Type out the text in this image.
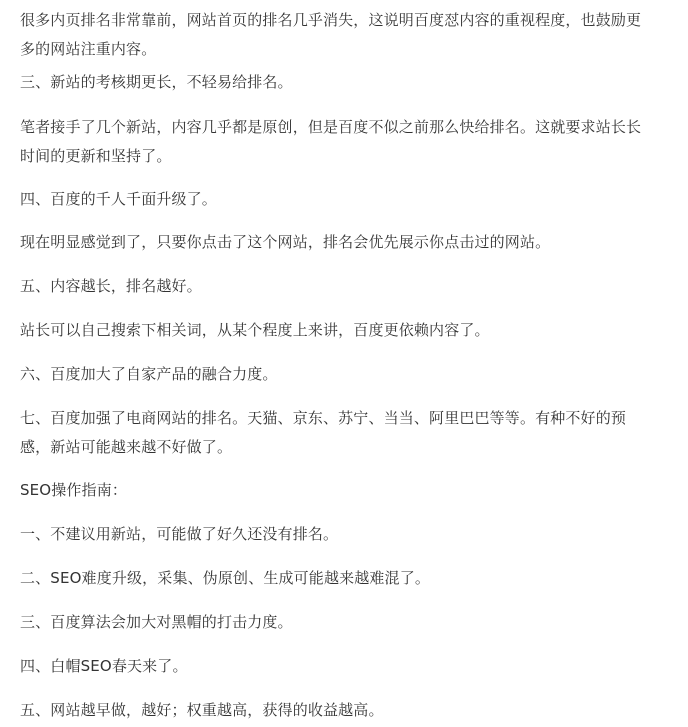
很多内页排名非常靠前，网站首页的排名几乎消失，这说明百度怼内容的重视程度，也鼓励更
多的网站注重内容。

三、新站的考核期更长，不轻易给排名。

笔者接手了几个新站，内容几乎都是原创，但是百度不似之前那么快给排名。这就要求站长长
时间的更新和坚持了。

四、百度的千人千面升级了。

现在明显感觉到了，只要你点击了这个网站，排名会优先展示你点击过的网站。

五、内容越长，排名越好。

站长可以自己搜索下相关词，从某个程度上来讲，百度更依赖内容了。

六、百度加大了自家产品的融合力度。

七、百度加强了电商网站的排名。天猫、京东、苏宁、当当、阿里巴巴等等。有种不好的预
感，新站可能越来越不好做了。

SEO操作指南：

一、不建议用新站，可能做了好久还没有排名。

二、SEO难度升级，采集、伪原创、生成可能越来越难混了。

三、百度算法会加大对黑帽的打击力度。

四、白帽SEO春天来了。

五、网站越早做，越好；权重越高，获得的收益越高。
